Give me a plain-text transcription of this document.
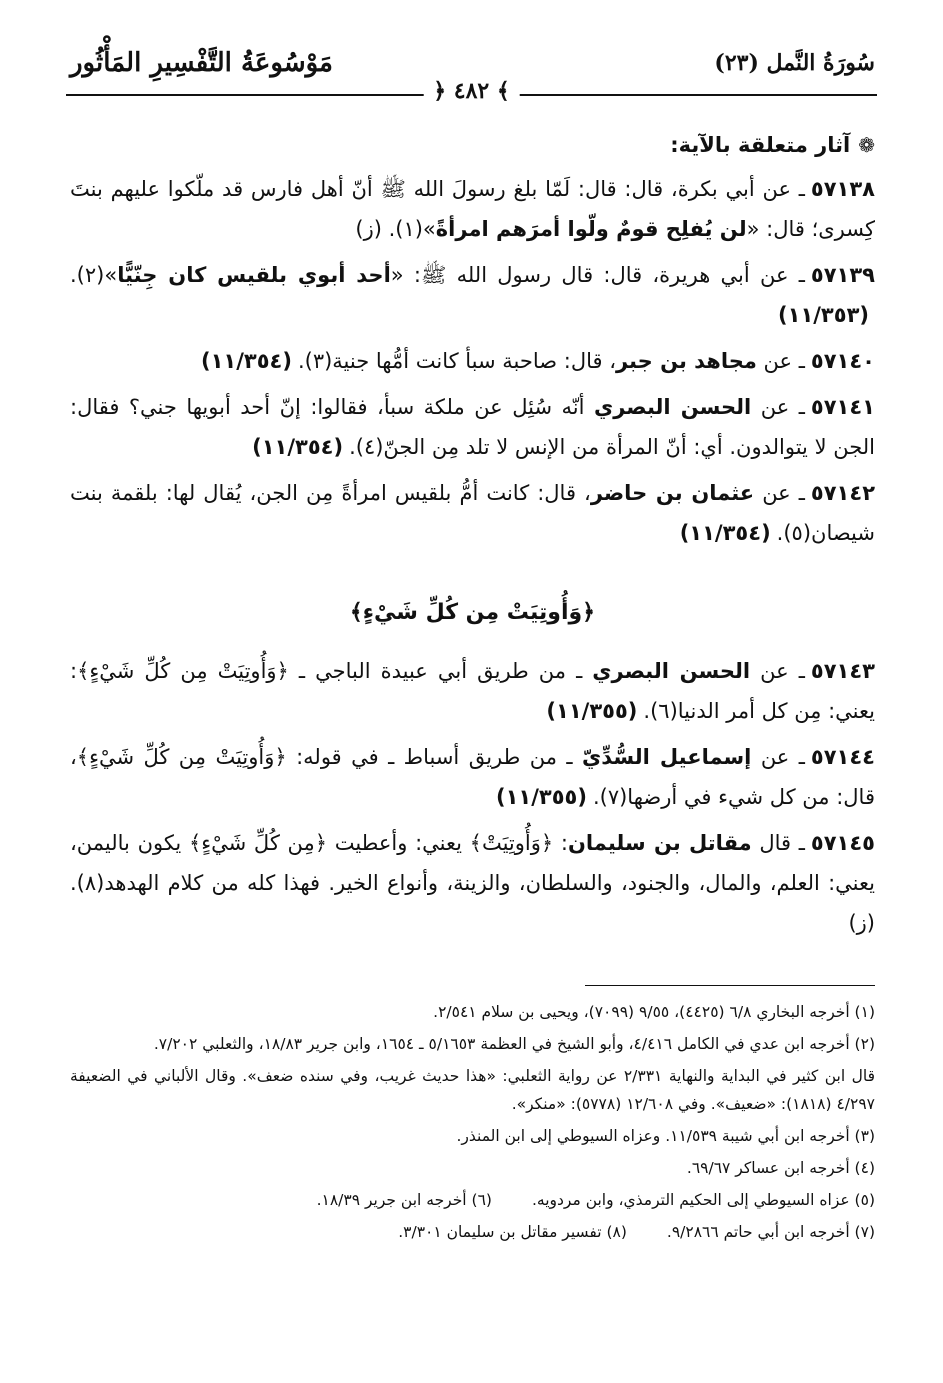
سُورَةُ النَّمل (٢٣)
مَوْسُوعَةُ التَّفْسِيرِ المَأْثُور
﴿ ٤٨٢ ﴾
❁آثار متعلقة بالآية:
٥٧١٣٨ـ عن أبي بكرة، قال: قال: لَمّا بلغ رسولَ الله ﷺ أنّ أهل فارس قد ملّكوا عليهم بنتَ كِسرى؛ قال: «لن يُفلِح قومٌ ولّوا أمرَهم امرأةً»(١). (ز)
٥٧١٣٩ـ عن أبي هريرة، قال: قال رسول الله ﷺ: «أحد أبوي بلقيس كان جِنّيًّا»(٢).(١١/٣٥٣)
٥٧١٤٠ـ عن مجاهد بن جبر، قال: صاحبة سبأ كانت أمُّها جنية(٣).(١١/٣٥٤)
٥٧١٤١ـ عن الحسن البصري أنّه سُئِل عن ملكة سبأ، فقالوا: إنّ أحد أبويها جني؟ فقال: الجن لا يتوالدون. أي: أنّ المرأة من الإنس لا تلد مِن الجنّ(٤).(١١/٣٥٤)
٥٧١٤٢ـ عن عثمان بن حاضر، قال: كانت أمُّ بلقيس امرأةً مِن الجن، يُقال لها: بلقمة بنت شيصان(٥).(١١/٣٥٤)
﴿وَأُوتِيَتْ مِن كُلِّ شَيْءٍ﴾
٥٧١٤٣ـ عن الحسن البصري ـ من طريق أبي عبيدة الباجي ـ ﴿وَأُوتِيَتْ مِن كُلِّ شَيْءٍ﴾: يعني: مِن كل أمر الدنيا(٦).(١١/٣٥٥)
٥٧١٤٤ـ عن إسماعيل السُّدِّيّ ـ من طريق أسباط ـ في قوله: ﴿وَأُوتِيَتْ مِن كُلِّ شَيْءٍ﴾، قال: من كل شيء في أرضها(٧).(١١/٣٥٥)
٥٧١٤٥ـ قال مقاتل بن سليمان: ﴿وَأُوتِيَتْ﴾ يعني: وأعطيت ﴿مِن كُلِّ شَيْءٍ﴾ يكون باليمن، يعني: العلم، والمال، والجنود، والسلطان، والزينة، وأنواع الخير. فهذا كله من كلام الهدهد(٨). (ز)
(١) أخرجه البخاري ٦/٨ (٤٤٢٥)، ٩/٥٥ (٧٠٩٩)، ويحيى بن سلام ٢/٥٤١.
(٢) أخرجه ابن عدي في الكامل ٤/٤١٦، وأبو الشيخ في العظمة ٥/١٦٥٣ ـ ١٦٥٤، وابن جرير ١٨/٨٣، والثعلبي ٧/٢٠٢.
قال ابن كثير في البداية والنهاية ٢/٣٣١ عن رواية الثعلبي: «هذا حديث غريب، وفي سنده ضعف». وقال الألباني في الضعيفة ٤/٢٩٧ (١٨١٨): «ضعيف». وفي ١٢/٦٠٨ (٥٧٧٨): «منكر».
(٣) أخرجه ابن أبي شيبة ١١/٥٣٩. وعزاه السيوطي إلى ابن المنذر.
(٤) أخرجه ابن عساكر ٦٩/٦٧.
(٥) عزاه السيوطي إلى الحكيم الترمذي، وابن مردويه.
(٦) أخرجه ابن جرير ١٨/٣٩.
(٧) أخرجه ابن أبي حاتم ٩/٢٨٦٦.
(٨) تفسير مقاتل بن سليمان ٣/٣٠١.
